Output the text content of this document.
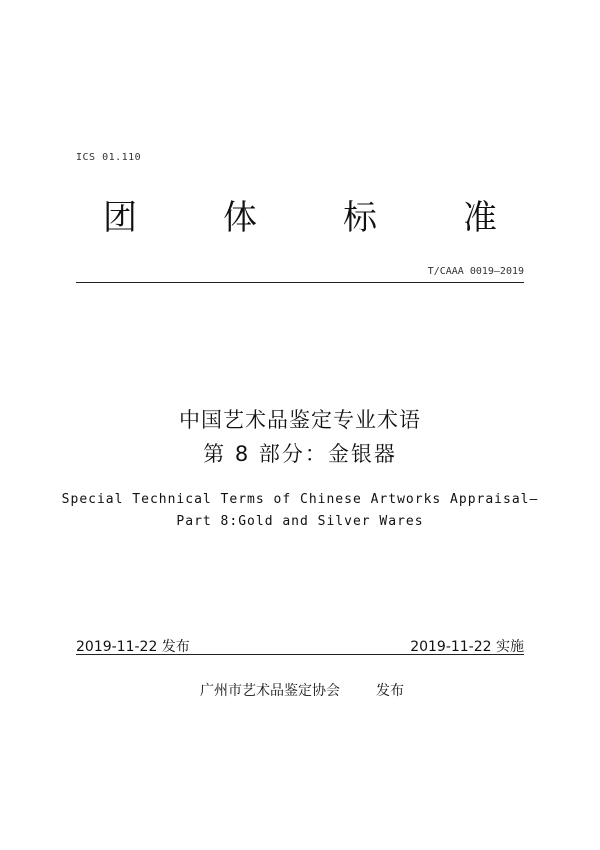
ICS 01.110
团	体	标	准
T/CAAA 0019—2019
中国艺术品鉴定专业术语
第 8 部分：金银器
Special Technical Terms of Chinese Artworks Appraisal—
Part 8:Gold and Silver Wares
2019-11-22 发布	2019-11-22 实施
广州市艺术品鉴定协会	发布
